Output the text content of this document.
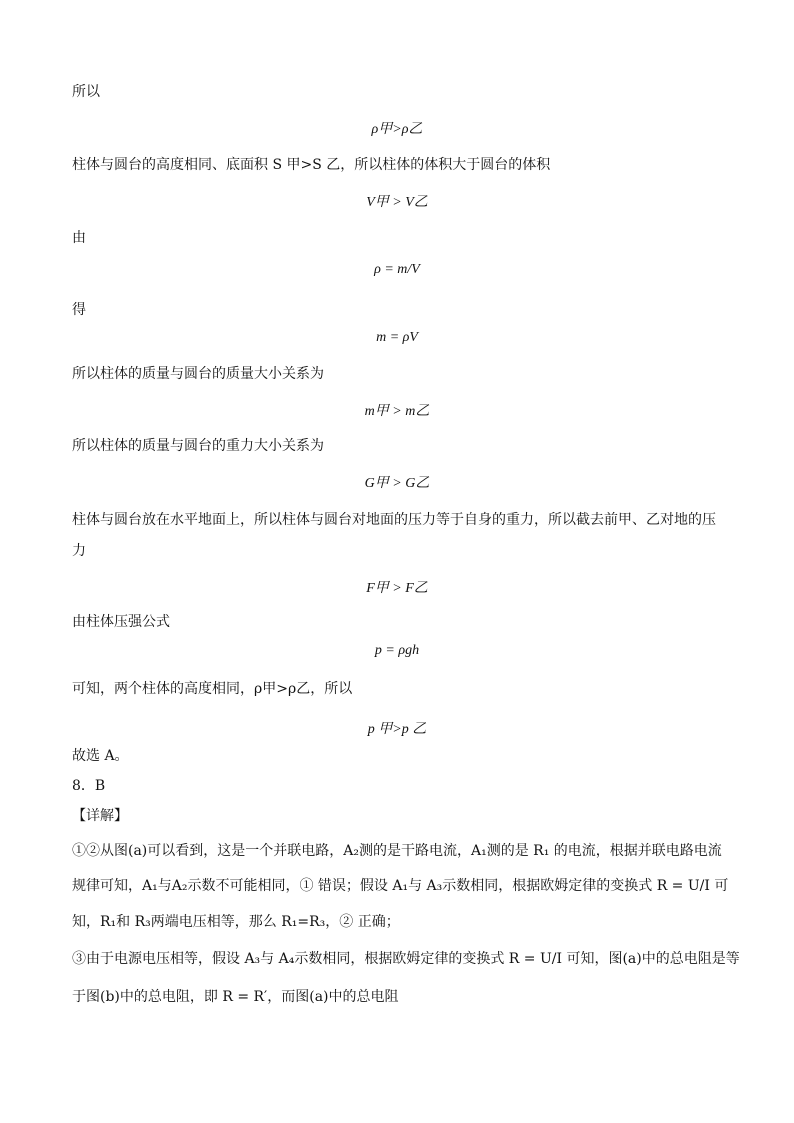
所以
ρ甲>ρ乙
柱体与圆台的高度相同、底面积 S 甲>S 乙，所以柱体的体积大于圆台的体积
V甲 > V乙
由
ρ = m/V
得
m = ρV
所以柱体的质量与圆台的质量大小关系为
m甲 > m乙
所以柱体的质量与圆台的重力大小关系为
G甲 > G乙
柱体与圆台放在水平地面上，所以柱体与圆台对地面的压力等于自身的重力，所以截去前甲、乙对地的压
力
F甲 > F乙
由柱体压强公式
p = ρgh
可知，两个柱体的高度相同，ρ甲>ρ乙，所以
p 甲>p 乙
故选 A。
8．B
【详解】
①②从图(a)可以看到，这是一个并联电路，A₂测的是干路电流，A₁测的是 R₁ 的电流，根据并联电路电流
规律可知，A₁与A₂示数不可能相同，① 错误；假设 A₁与 A₃示数相同，根据欧姆定律的变换式 R = U/I 可
知，R₁和 R₃两端电压相等，那么 R₁=R₃，② 正确；
③由于电源电压相等，假设 A₃与 A₄示数相同，根据欧姆定律的变换式 R = U/I 可知，图(a)中的总电阻是等
于图(b)中的总电阻，即 R = R′，而图(a)中的总电阻
